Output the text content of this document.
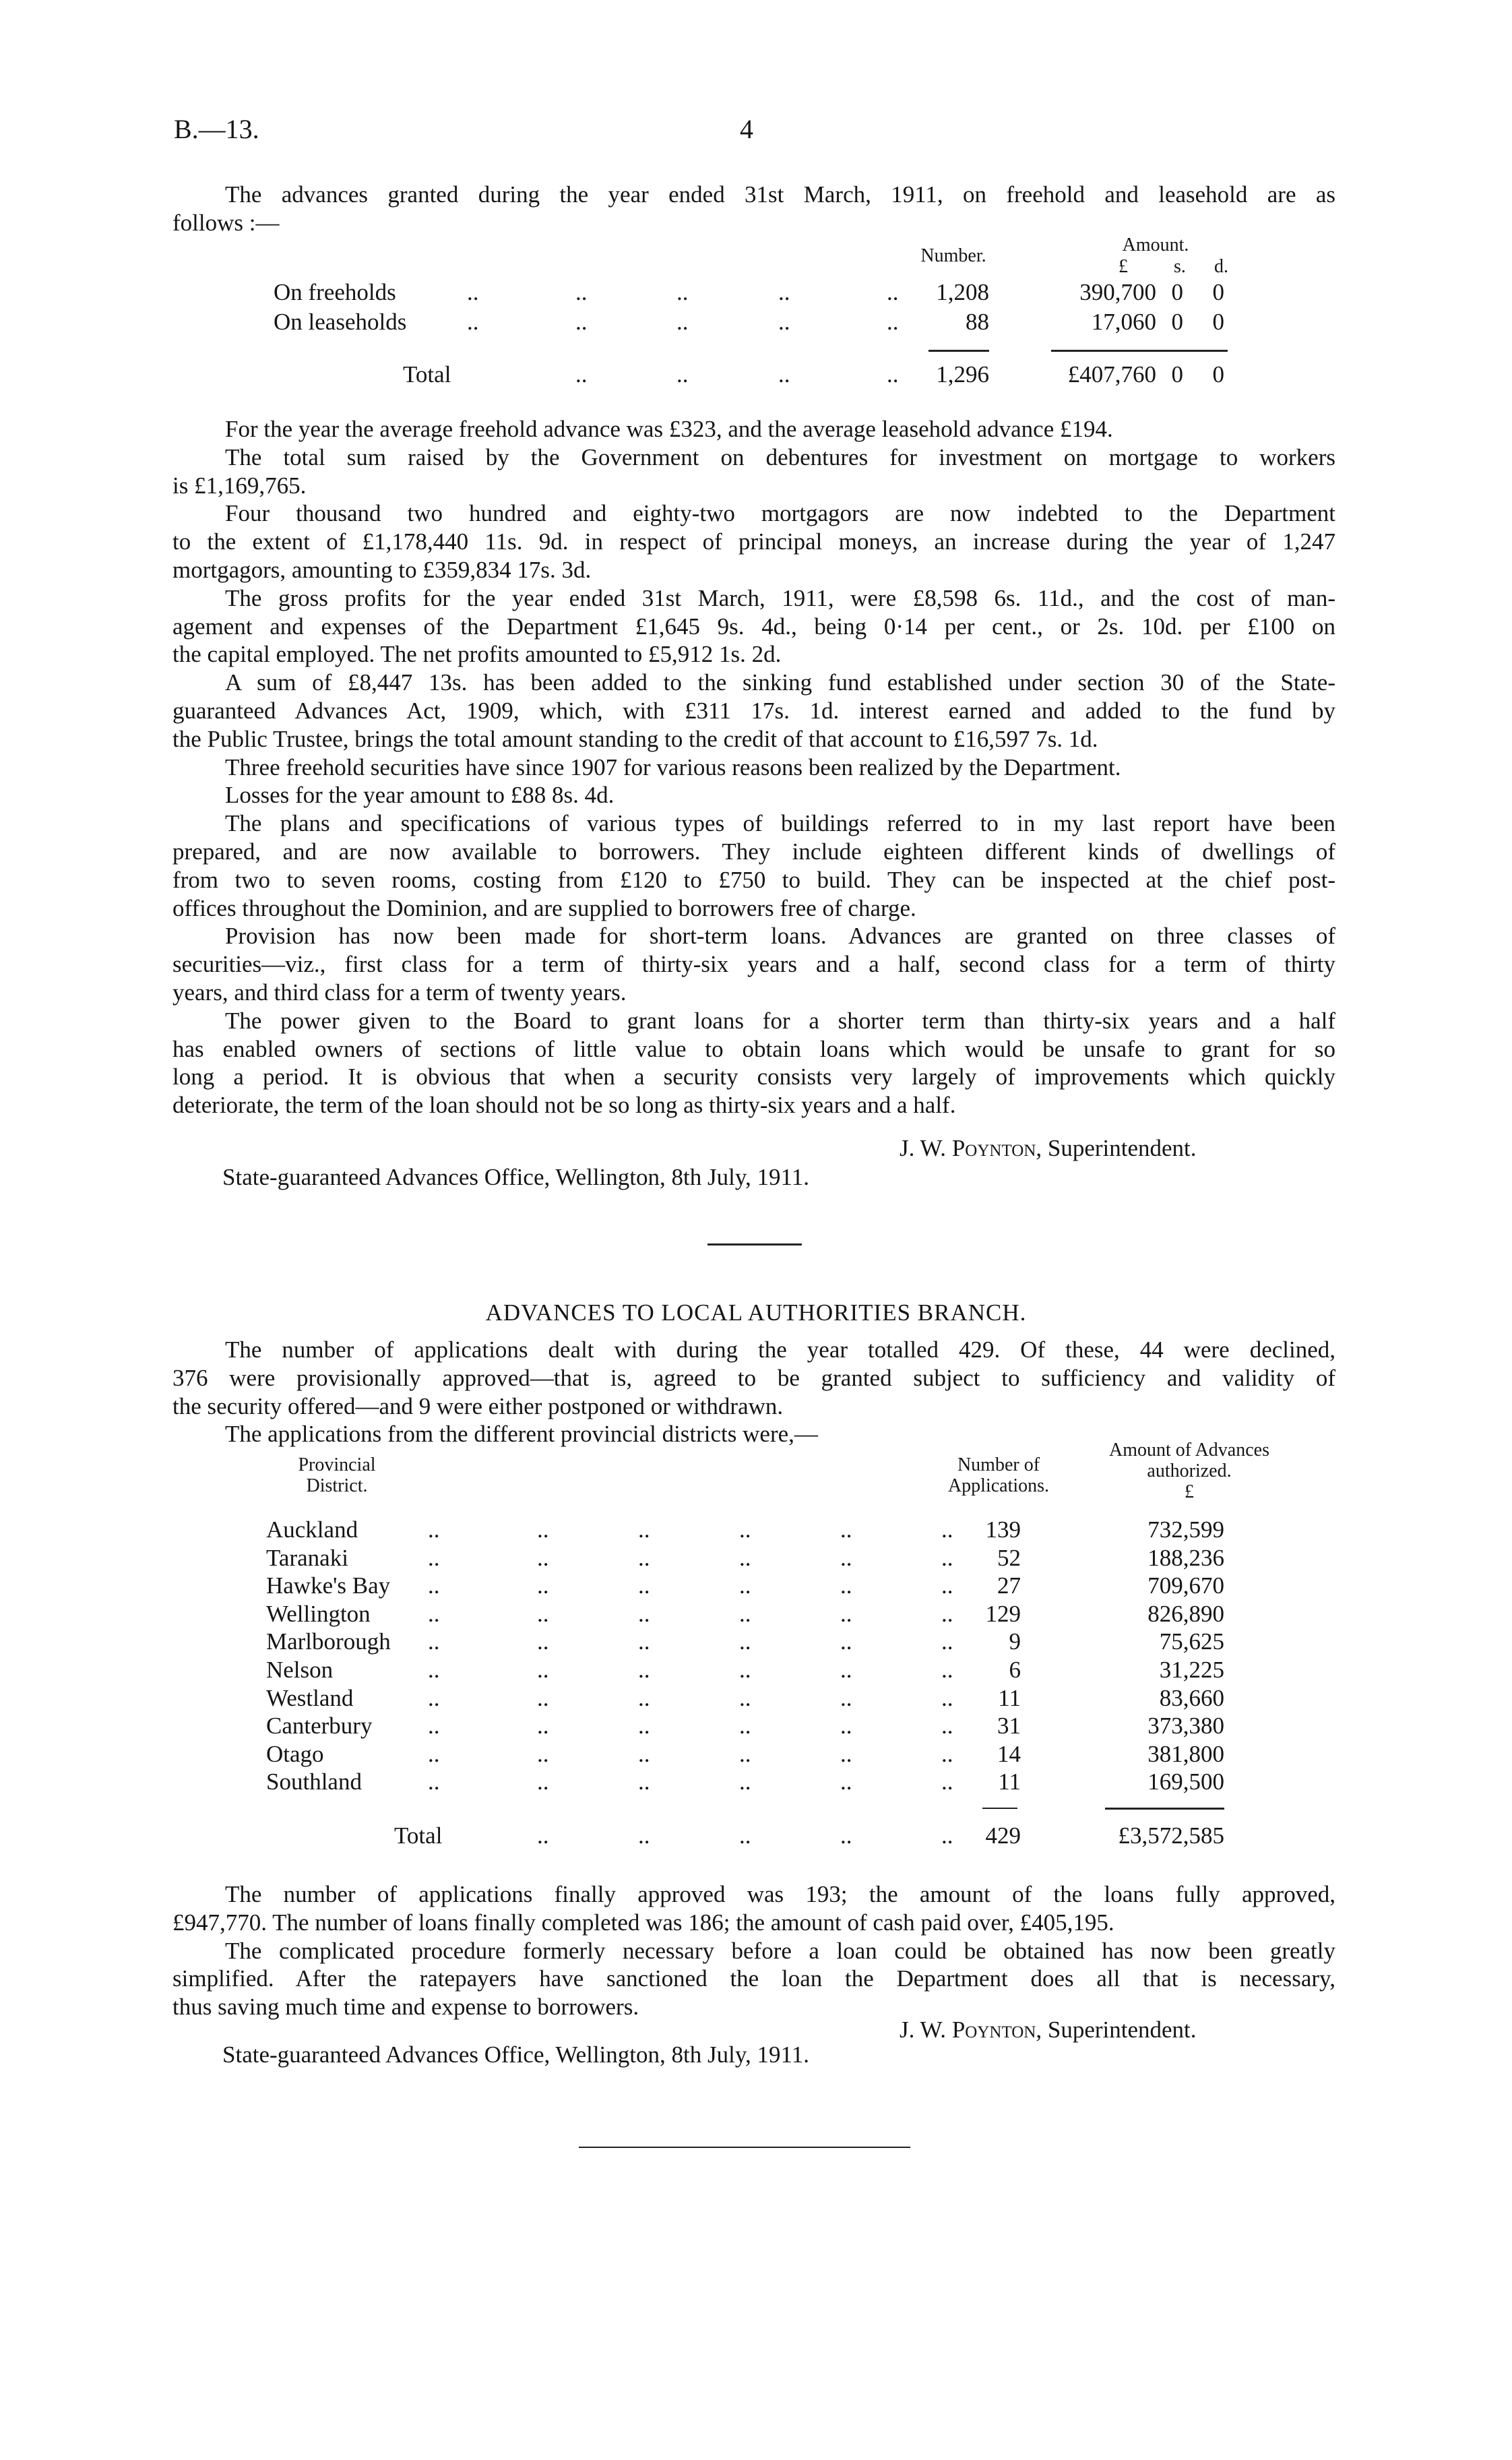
B.—13.	4
The advances granted during the year ended 31st March, 1911, on freehold and leasehold are as
follows :—
Amount.
Number.
£ s. d.
On freeholds	..	..	..	..	..	1,208	390,700 0	0
On leaseholds	..	..	..	..	..	88	17,060 0	0
Total	..	..	..	..	1,296	£407,760 0	0
For the year the average freehold advance was £323, and the average leasehold advance £194.
The total sum raised by the Government on debentures for investment on mortgage to workers
is £1,169,765.
Four thousand two hundred and eighty-two mortgagors are now indebted to the Department
to the extent of £1,178,440 11s. 9d. in respect of principal moneys, an increase during the year of 1,247
mortgagors, amounting to £359,834 17s. 3d.
The gross profits for the year ended 31st March, 1911, were £8,598 6s. 11d., and the cost of man-
agement and expenses of the Department £1,645 9s. 4d., being 0·14 per cent., or 2s. 10d. per £100 on
the capital employed. The net profits amounted to £5,912 1s. 2d.
A sum of £8,447 13s. has been added to the sinking fund established under section 30 of the State-
guaranteed Advances Act, 1909, which, with £311 17s. 1d. interest earned and added to the fund by
the Public Trustee, brings the total amount standing to the credit of that account to £16,597 7s. 1d.
Three freehold securities have since 1907 for various reasons been realized by the Department.
Losses for the year amount to £88 8s. 4d.
The plans and specifications of various types of buildings referred to in my last report have been
prepared, and are now available to borrowers. They include eighteen different kinds of dwellings of
from two to seven rooms, costing from £120 to £750 to build. They can be inspected at the chief post-
offices throughout the Dominion, and are supplied to borrowers free of charge.
Provision has now been made for short-term loans. Advances are granted on three classes of
securities—viz., first class for a term of thirty-six years and a half, second class for a term of thirty
years, and third class for a term of twenty years.
The power given to the Board to grant loans for a shorter term than thirty-six years and a half
has enabled owners of sections of little value to obtain loans which would be unsafe to grant for so
long a period. It is obvious that when a security consists very largely of improvements which quickly
deteriorate, the term of the loan should not be so long as thirty-six years and a half.
J. W. Poynton, Superintendent.
State-guaranteed Advances Office, Wellington, 8th July, 1911.
ADVANCES TO LOCAL AUTHORITIES BRANCH.
The number of applications dealt with during the year totalled 429. Of these, 44 were declined,
376 were provisionally approved—that is, agreed to be granted subject to sufficiency and validity of
the security offered—and 9 were either postponed or withdrawn.
The applications from the different provincial districts were,—
Provincial
District.
Number of
Applications.
Amount of Advances
authorized.
£
Auckland	..	..	..	..	..	..	139	732,599
Taranaki	..	..	..	..	..	..	52	188,236
Hawke's Bay ..	..	..	..	..	..	27	709,670
Wellington ..	..	..	..	..	..	129	826,890
Marlborough ..	..	..	..	..	..	9	75,625
Nelson	..	..	..	..	..	..	6	31,225
Westland	..	..	..	..	..	..	11	83,660
Canterbury ..	..	..	..	..	..	31	373,380
Otago	..	..	..	..	..	..	14	381,800
Southland	..	..	..	..	..	..	11	169,500
Total	..	..	..	..	..	429	£3,572,585
The number of applications finally approved was 193; the amount of the loans fully approved,
£947,770. The number of loans finally completed was 186; the amount of cash paid over, £405,195.
The complicated procedure formerly necessary before a loan could be obtained has now been greatly
simplified. After the ratepayers have sanctioned the loan the Department does all that is necessary,
thus saving much time and expense to borrowers.
J. W. Poynton, Superintendent.
State-guaranteed Advances Office, Wellington, 8th July, 1911.
